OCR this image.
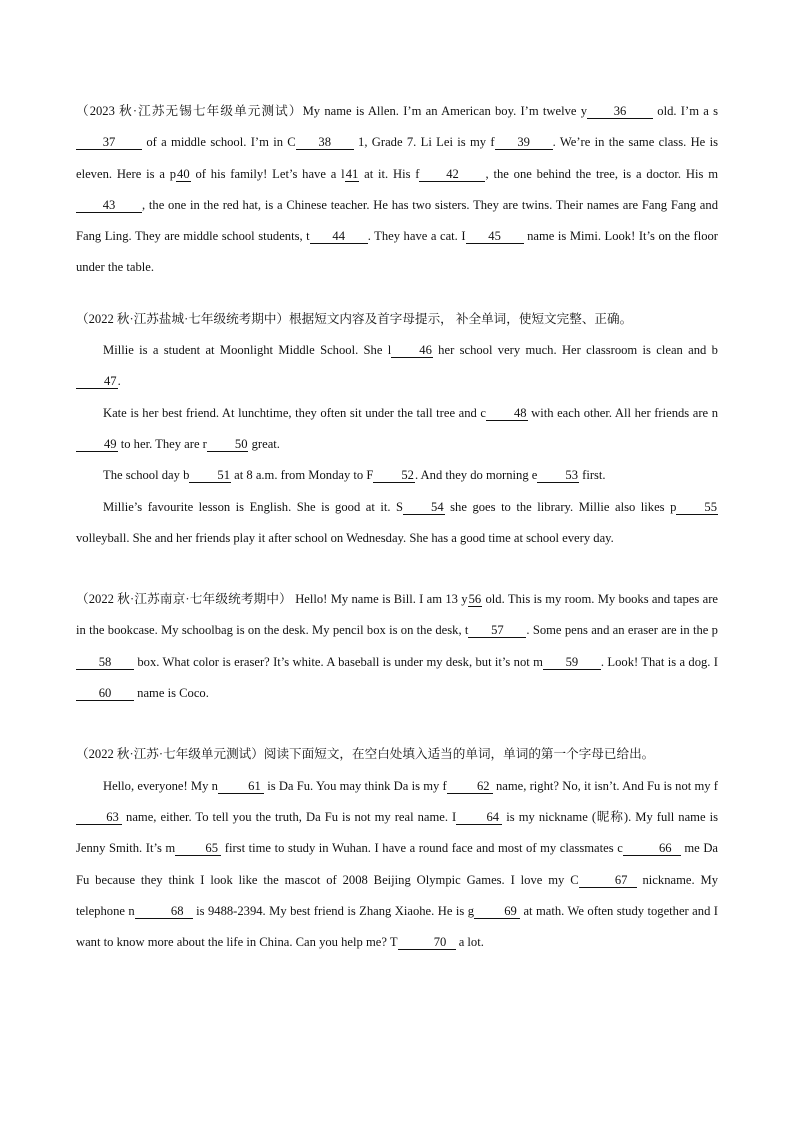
（2023 秋·江苏无锡七年级单元测试）My name is Allen. I’m an American boy. I’m twelve y 36 old. I’m a s37 of a middle school. I’m in C 38 1, Grade 7. Li Lei is my f 39 . We’re in the same class. He is eleven. Here is a p40 of his family! Let’s have a l41 at it. His f 42 , the one behind the tree, is a doctor. His m43 , the one in the red hat, is a Chinese teacher. He has two sisters. They are twins. Their names are Fang Fang and Fang Ling. They are middle school students, t 44 . They have a cat. I 45 name is Mimi. Look! It’s on the floor under the table.

（2022 秋·江苏盐城·七年级统考期中）根据短文内容及首字母提示， 补全单词，使短文完整、正确。

Millie is a student at Moonlight Middle School. She l 46 her school very much. Her classroom is clean and b47.

Kate is her best friend. At lunchtime, they often sit under the tall tree and c 48 with each other. All her friends are n49 to her. They are r 50 great.

The school day b 51 at 8 a.m. from Monday to F 52. And they do morning e 53 first.

Millie’s favourite lesson is English. She is good at it. S 54 she goes to the library. Millie also likes p 55 volleyball. She and her friends play it after school on Wednesday. She has a good time at school every day.

（2022 秋·江苏南京·七年级统考期中） Hello! My name is Bill. I am 13 y56 old. This is my room. My books and tapes are in the bookcase. My schoolbag is on the desk. My pencil box is on the desk, t 57 . Some pens and an eraser are in the p58 box. What color is eraser? It’s white. A baseball is under my desk, but it’s not m 59 . Look! That is a dog. I60 name is Coco.

（2022 秋·江苏·七年级单元测试）阅读下面短文，在空白处填入适当的单词，单词的第一个字母已给出。

Hello, everyone! My n 61 is Da Fu. You may think Da is my f 62 name, right? No, it isn’t. And Fu is not my f63 name, either. To tell you the truth, Da Fu is not my real name. I 64 is my nickname (昵称). My full name is Jenny Smith. It’s m 65 first time to study in Wuhan. I have a round face and most of my classmates c	66 me Da Fu because they think I look like the mascot of 2008 Beijing Olympic Games. I love my C	67 nickname. My telephone n	68 is 9488-2394. My best friend is Zhang Xiaohe. He is g 69 at math. We often study together and I want to know more about the life in China. Can you help me? T	70 a lot.
